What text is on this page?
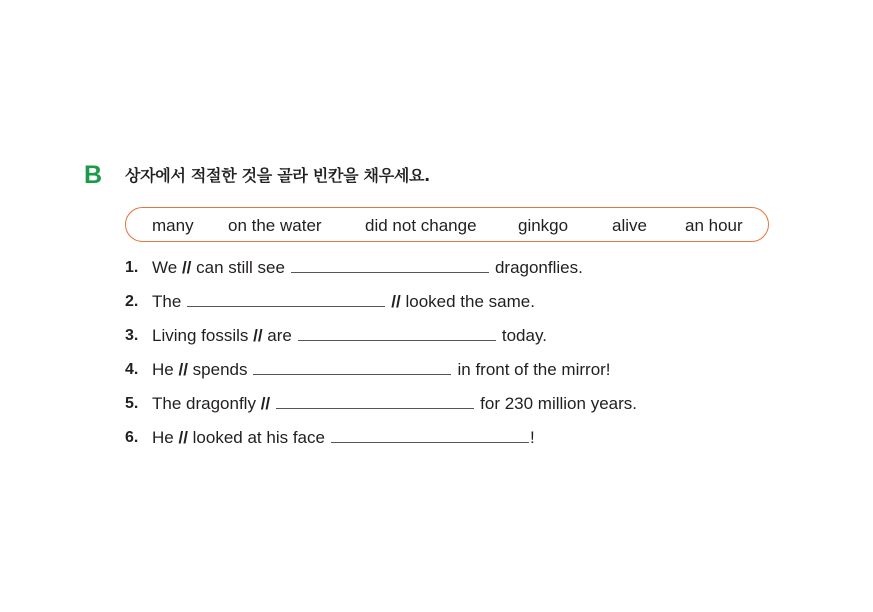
B 상자에서 적절한 것을 골라 빈칸을 채우세요.
many on the water	did not change ginkgo	alive an hour
1. We // can still see	dragonflies.
2. The	// looked the same.
3. Living fossils // are	today.
4. He // spends	in front of the mirror!
5. The dragonfly //	for 230 million years.
6. He // looked at his face	!
